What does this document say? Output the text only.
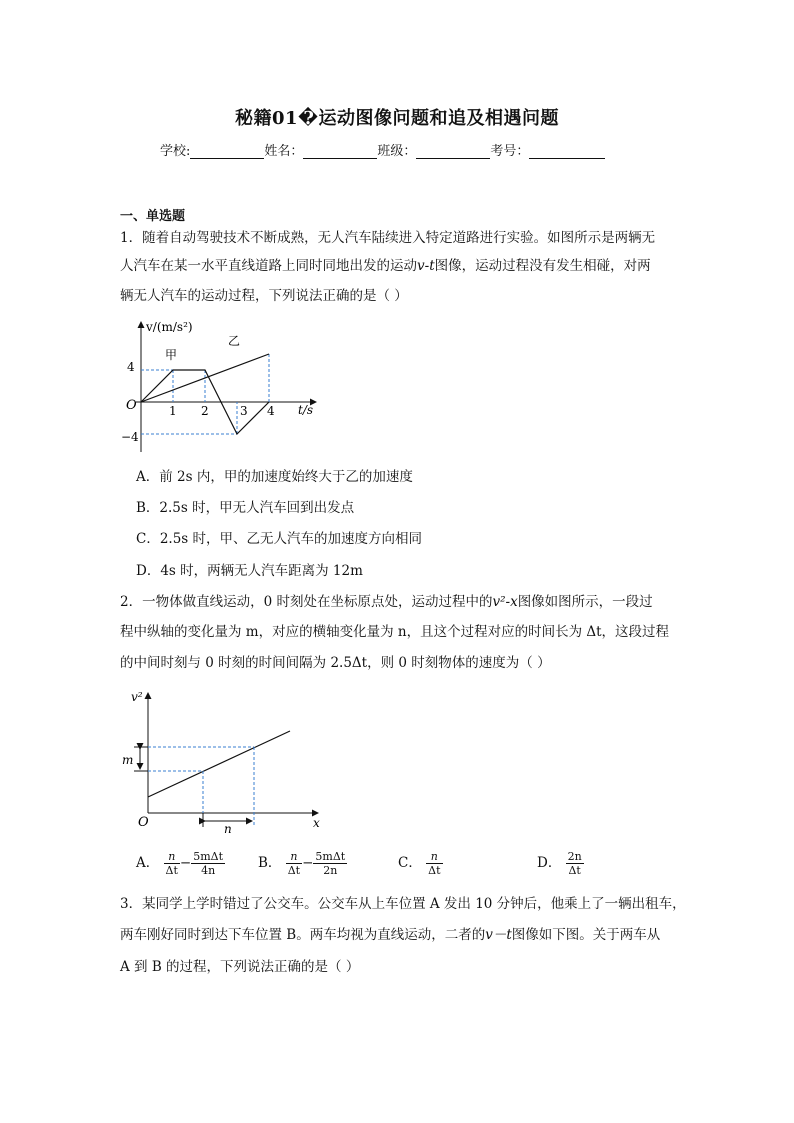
秘籍01�运动图像问题和追及相遇问题
学校:	姓名：	班级：	考号：
一、单选题
1．随着自动驾驶技术不断成熟，无人汽车陆续进入特定道路进行实验。如图所示是两辆无
人汽车在某一水平直线道路上同时同地出发的运动v-t图像，运动过程没有发生相碰，对两
辆无人汽车的运动过程，下列说法正确的是（ ）
v/(m/s²)
t/s
O
甲
乙
4
−4
1 2	3 4
A．前 2s 内，甲的加速度始终大于乙的加速度
B．2.5s 时，甲无人汽车回到出发点
C．2.5s 时，甲、乙无人汽车的加速度方向相同
D．4s 时，两辆无人汽车距离为 12m
2．一物体做直线运动，0 时刻处在坐标原点处，运动过程中的v²-x图像如图所示，一段过
程中纵轴的变化量为 m，对应的横轴变化量为 n，且这个过程对应的时间长为 Δt，这段过程
的中间时刻与 0 时刻的时间间隔为 2.5Δt，则 0 时刻物体的速度为（ ）
v²
x
O
m
n
A． $\frac{n}{\Delta t} - \frac{\text{5mΔt}}{4n}$ B． $\frac{n}{\Delta t} - \frac{\text{5mΔt}}{2n}$	C． $\frac{n}{\Delta t}$	D． $\frac{2n}{\Delta t}$
3．某同学上学时错过了公交车。公交车从上车位置 A 发出 10 分钟后，他乘上了一辆出租车，
两车刚好同时到达下车位置 B。两车均视为直线运动，二者的v－t图像如下图。关于两车从
A 到 B 的过程，下列说法正确的是（ ）
